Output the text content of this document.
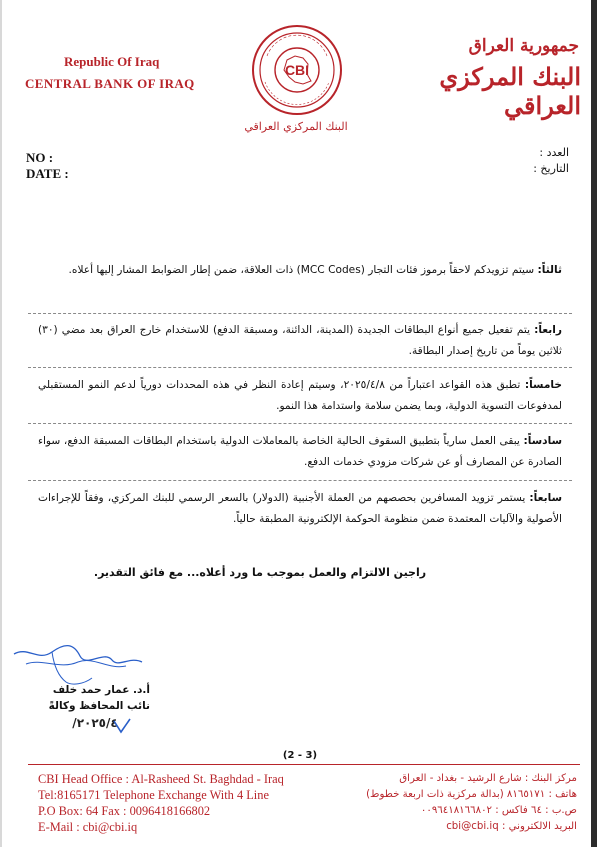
Republic Of Iraq
CENTRAL BANK OF IRAQ
جمهورية العراق
البنك المركزي العراقي
CBI
البنك المركزي العراقي
NO :
DATE :
العدد :
التاريخ :
ثالثاً: سيتم تزويدكم لاحقاً برموز فئات التجار (MCC Codes) ذات العلاقة، ضمن إطار الضوابط المشار إليها أعلاه.
رابعاً: يتم تفعيل جميع أنواع البطاقات الجديدة (المدينة، الدائنة، ومسبقة الدفع) للاستخدام خارج العراق بعد مضي (٣٠) ثلاثين يوماً من تاريخ إصدار البطاقة.
خامساً: تطبق هذه القواعد اعتباراً من ٢٠٢٥/٤/٨، وسيتم إعادة النظر في هذه المحددات دورياً لدعم النمو المستقبلي لمدفوعات التسوية الدولية، وبما يضمن سلامة واستدامة هذا النمو.
سادساً: يبقى العمل سارياً بتطبيق السقوف الحالية الخاصة بالمعاملات الدولية باستخدام البطاقات المسبقة الدفع، سواء الصادرة عن المصارف أو عن شركات مزودي خدمات الدفع.
سابعاً: يستمر تزويد المسافرين بحصصهم من العملة الأجنبية (الدولار) بالسعر الرسمي للبنك المركزي، وفقاً للإجراءات الأصولية والآليات المعتمدة ضمن منظومة الحوكمة الإلكترونية المطبقة حالياً.
راجين الالتزام والعمل بموجب ما ورد أعلاه... مع فائق التقدير.
أ.د. عمار حمد خلف
نائب المحافظ وكالةً
٢٠٢٥/٤/
(2 - 3)
CBI Head Office : Al-Rasheed St. Baghdad - Iraq
Tel:8165171 Telephone Exchange With 4 Line
P.O Box: 64 Fax : 0096418166802
E-Mail : cbi@cbi.iq
مركز البنك : شارع الرشيد - بغداد - العراق
هاتف : ٨١٦٥١٧١ (بدالة مركزية ذات اربعة خطوط)
ص.ب : ٦٤ فاكس : ٠٠٩٦٤١٨١٦٦٨٠٢
البريد الالكتروني : cbi@cbi.iq
